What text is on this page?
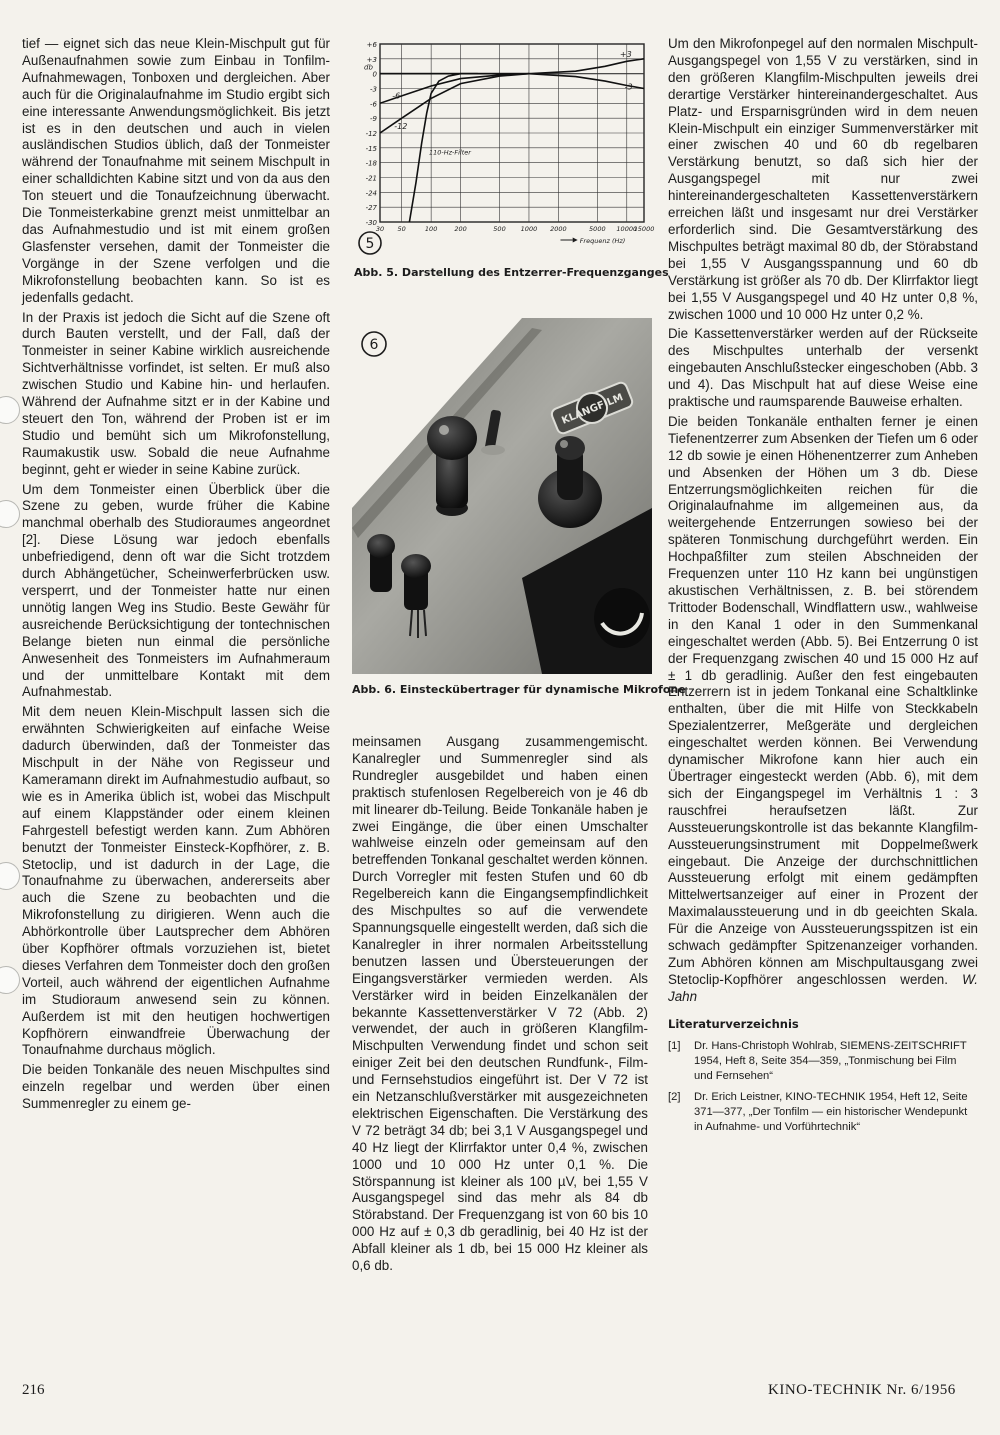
tief — eignet sich das neue Klein-Mischpult gut für Außenaufnahmen sowie zum Einbau in Tonfilm-Aufnahmewagen, Tonboxen und dergleichen. Aber auch für die Originalaufnahme im Studio ergibt sich eine interessante Anwendungsmöglichkeit. Bis jetzt ist es in den deutschen und auch in vielen ausländischen Studios üblich, daß der Tonmeister während der Tonaufnahme mit seinem Mischpult in einer schalldichten Kabine sitzt und von da aus den Ton steuert und die Tonaufzeichnung überwacht. Die Tonmeisterkabine grenzt meist unmittelbar an das Aufnahmestudio und ist mit einem großen Glasfenster versehen, damit der Tonmeister die Vorgänge in der Szene verfolgen und die Mikrofonstellung beobachten kann. So ist es jedenfalls gedacht.

In der Praxis ist jedoch die Sicht auf die Szene oft durch Bauten verstellt, und der Fall, daß der Tonmeister in seiner Kabine wirklich ausreichende Sichtverhältnisse vorfindet, ist selten. Er muß also zwischen Studio und Kabine hin- und herlaufen. Während der Aufnahme sitzt er in der Kabine und steuert den Ton, während der Proben ist er im Studio und bemüht sich um Mikrofonstellung, Raumakustik usw. Sobald die neue Aufnahme beginnt, geht er wieder in seine Kabine zurück.

Um dem Tonmeister einen Überblick über die Szene zu geben, wurde früher die Kabine manchmal oberhalb des Studioraumes angeordnet [2]. Diese Lösung war jedoch ebenfalls unbefriedigend, denn oft war die Sicht trotzdem durch Abhängetücher, Scheinwerferbrücken usw. versperrt, und der Tonmeister hatte nur einen unnötig langen Weg ins Studio. Beste Gewähr für ausreichende Berücksichtigung der tontechnischen Belange bieten nun einmal die persönliche Anwesenheit des Tonmeisters im Aufnahmeraum und der unmittelbare Kontakt mit dem Aufnahmestab.

Mit dem neuen Klein-Mischpult lassen sich die erwähnten Schwierigkeiten auf einfache Weise dadurch überwinden, daß der Tonmeister das Mischpult in der Nähe von Regisseur und Kameramann direkt im Aufnahmestudio aufbaut, so wie es in Amerika üblich ist, wobei das Mischpult auf einem Klappständer oder einem kleinen Fahrgestell befestigt werden kann. Zum Abhören benutzt der Tonmeister Einsteck-Kopfhörer, z. B. Stetoclip, und ist dadurch in der Lage, die Tonaufnahme zu überwachen, andererseits aber auch die Szene zu beobachten und die Mikrofonstellung zu dirigieren. Wenn auch die Abhörkontrolle über Lautsprecher dem Abhören über Kopfhörer oftmals vorzuziehen ist, bietet dieses Verfahren dem Tonmeister doch den großen Vorteil, auch während der eigentlichen Aufnahme im Studioraum anwesend sein zu können. Außerdem ist mit den heutigen hochwertigen Kopfhörern einwandfreie Überwachung der Tonaufnahme durchaus möglich.

Die beiden Tonkanäle des neuen Mischpultes sind einzeln regelbar und werden über einen Summenregler zu einem ge-

+6
+3
0
-3
-6
-9
-12
-15
-18
-21
-24
-27
-30
30 50	100	200	500 1000 2000	5000 10000
15000
db
+3
-3
-6
-12
110-Hz-Filter
Frequenz (Hz)
5
Abb. 5. Darstellung des Entzerrer-Frequenzganges
KLANGFILM
6
Abb. 6. Einsteckübertrager für dynamische Mikrofone

meinsamen Ausgang zusammengemischt. Kanalregler und Summenregler sind als Rundregler ausgebildet und haben einen praktisch stufenlosen Regelbereich von je 46 db mit linearer db-Teilung. Beide Tonkanäle haben je zwei Eingänge, die über einen Umschalter wahlweise einzeln oder gemeinsam auf den betreffenden Tonkanal geschaltet werden können. Durch Vorregler mit festen Stufen und 60 db Regelbereich kann die Eingangsempfindlichkeit des Mischpultes so auf die verwendete Spannungsquelle eingestellt werden, daß sich die Kanalregler in ihrer normalen Arbeitsstellung benutzen lassen und Übersteuerungen der Eingangsverstärker vermieden werden. Als Verstärker wird in beiden Einzelkanälen der bekannte Kassettenverstärker V 72 (Abb. 2) verwendet, der auch in größeren Klangfilm-Mischpulten Verwendung findet und schon seit einiger Zeit bei den deutschen Rundfunk-, Film- und Fernsehstudios eingeführt ist. Der V 72 ist ein Netzanschlußverstärker mit ausgezeichneten elektrischen Eigenschaften. Die Verstärkung des V 72 beträgt 34 db; bei 3,1 V Ausgangspegel und 40 Hz liegt der Klirrfaktor unter 0,4 %, zwischen 1000 und 10 000 Hz unter 0,1 %. Die Störspannung ist kleiner als 100 µV, bei 1,55 V Ausgangspegel sind das mehr als 84 db Störabstand. Der Frequenzgang ist von 60 bis 10 000 Hz auf ± 0,3 db geradlinig, bei 40 Hz ist der Abfall kleiner als 1 db, bei 15 000 Hz kleiner als 0,6 db.

Um den Mikrofonpegel auf den normalen Mischpult-Ausgangspegel von 1,55 V zu verstärken, sind in den größeren Klangfilm-Mischpulten jeweils drei derartige Verstärker hintereinandergeschaltet. Aus Platz- und Ersparnisgründen wird in dem neuen Klein-Mischpult ein einziger Summenverstärker mit einer zwischen 40 und 60 db regelbaren Verstärkung benutzt, so daß sich hier der Ausgangspegel mit nur zwei hintereinandergeschalteten Kassettenverstärkern erreichen läßt und insgesamt nur drei Verstärker erforderlich sind. Die Gesamtverstärkung des Mischpultes beträgt maximal 80 db, der Störabstand bei 1,55 V Ausgangsspannung und 60 db Verstärkung ist größer als 70 db. Der Klirrfaktor liegt bei 1,55 V Ausgangspegel und 40 Hz unter 0,8 %, zwischen 1000 und 10 000 Hz unter 0,2 %.

Die Kassettenverstärker werden auf der Rückseite des Mischpultes unterhalb der versenkt eingebauten Anschlußstecker eingeschoben (Abb. 3 und 4). Das Mischpult hat auf diese Weise eine praktische und raumsparende Bauweise erhalten.

Die beiden Tonkanäle enthalten ferner je einen Tiefenentzerrer zum Absenken der Tiefen um 6 oder 12 db sowie je einen Höhenentzerrer zum Anheben und Absenken der Höhen um 3 db. Diese Entzerrungsmöglichkeiten reichen für die Originalaufnahme im allgemeinen aus, da weitergehende Entzerrungen sowieso bei der späteren Tonmischung durchgeführt werden. Ein Hochpaßfilter zum steilen Abschneiden der Frequenzen unter 110 Hz kann bei ungünstigen akustischen Verhältnissen, z. B. bei störendem Trittoder Bodenschall, Windflattern usw., wahlweise in den Kanal 1 oder in den Summenkanal eingeschaltet werden (Abb. 5). Bei Entzerrung 0 ist der Frequenzgang zwischen 40 und 15 000 Hz auf ± 1 db geradlinig. Außer den fest eingebauten Entzerrern ist in jedem Tonkanal eine Schaltklinke enthalten, über die mit Hilfe von Steckkabeln Spezialentzerrer, Meßgeräte und dergleichen eingeschaltet werden können. Bei Verwendung dynamischer Mikrofone kann hier auch ein Übertrager eingesteckt werden (Abb. 6), mit dem sich der Eingangspegel im Verhältnis 1 : 3 rauschfrei heraufsetzen läßt. Zur Aussteuerungskontrolle ist das bekannte Klangfilm-Aussteuerungsinstrument mit Doppelmeßwerk eingebaut. Die Anzeige der durchschnittlichen Aussteuerung erfolgt mit einem gedämpften Mittelwertsanzeiger auf einer in Prozent der Maximalaussteuerung und in db geeichten Skala. Für die Anzeige von Aussteuerungsspitzen ist ein schwach gedämpfter Spitzenanzeiger vorhanden. Zum Abhören können am Mischpultausgang zwei Stetoclip-Kopfhörer angeschlossen werden. W. Jahn

Literaturverzeichnis
[1]	Dr. Hans-Christoph Wohlrab, SIEMENS-ZEITSCHRIFT 1954, Heft 8, Seite 354—359, „Tonmischung bei Film und Fernsehen“
[2]	Dr. Erich Leistner, KINO-TECHNIK 1954, Heft 12, Seite 371—377, „Der Tonfilm — ein historischer Wendepunkt in Aufnahme- und Vorführtechnik“
216	KINO-TECHNIK Nr. 6/1956
